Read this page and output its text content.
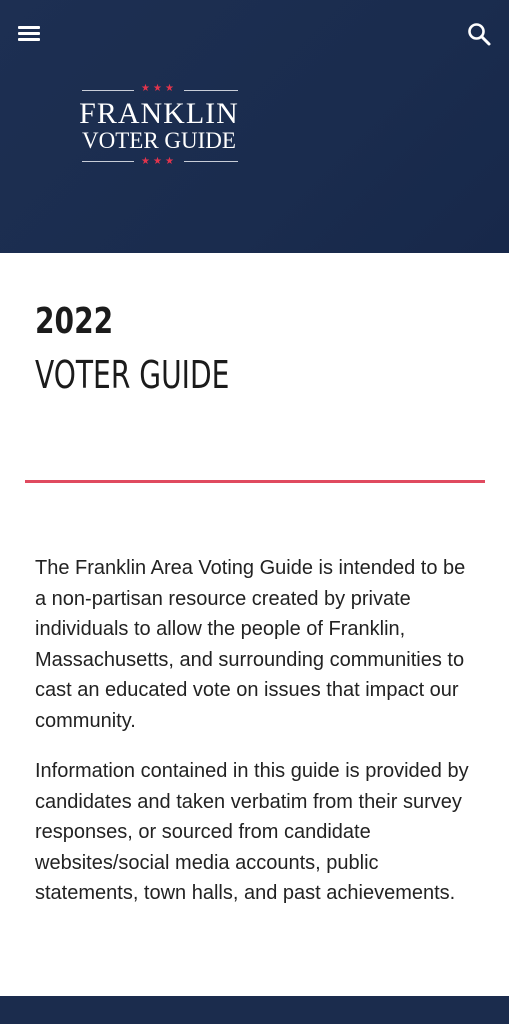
★★★
FRANKLIN
VOTER GUIDE
★★★
2022
VOTER GUIDE

The Franklin Area Voting Guide is intended to be a non-partisan resource created by private individuals to allow the people of Franklin, Massachusetts, and surrounding communities to cast an educated vote on issues that impact our community.

Information contained in this guide is provided by candidates and taken verbatim from their survey responses, or sourced from candidate websites/social media accounts, public statements, town halls, and past achievements.
